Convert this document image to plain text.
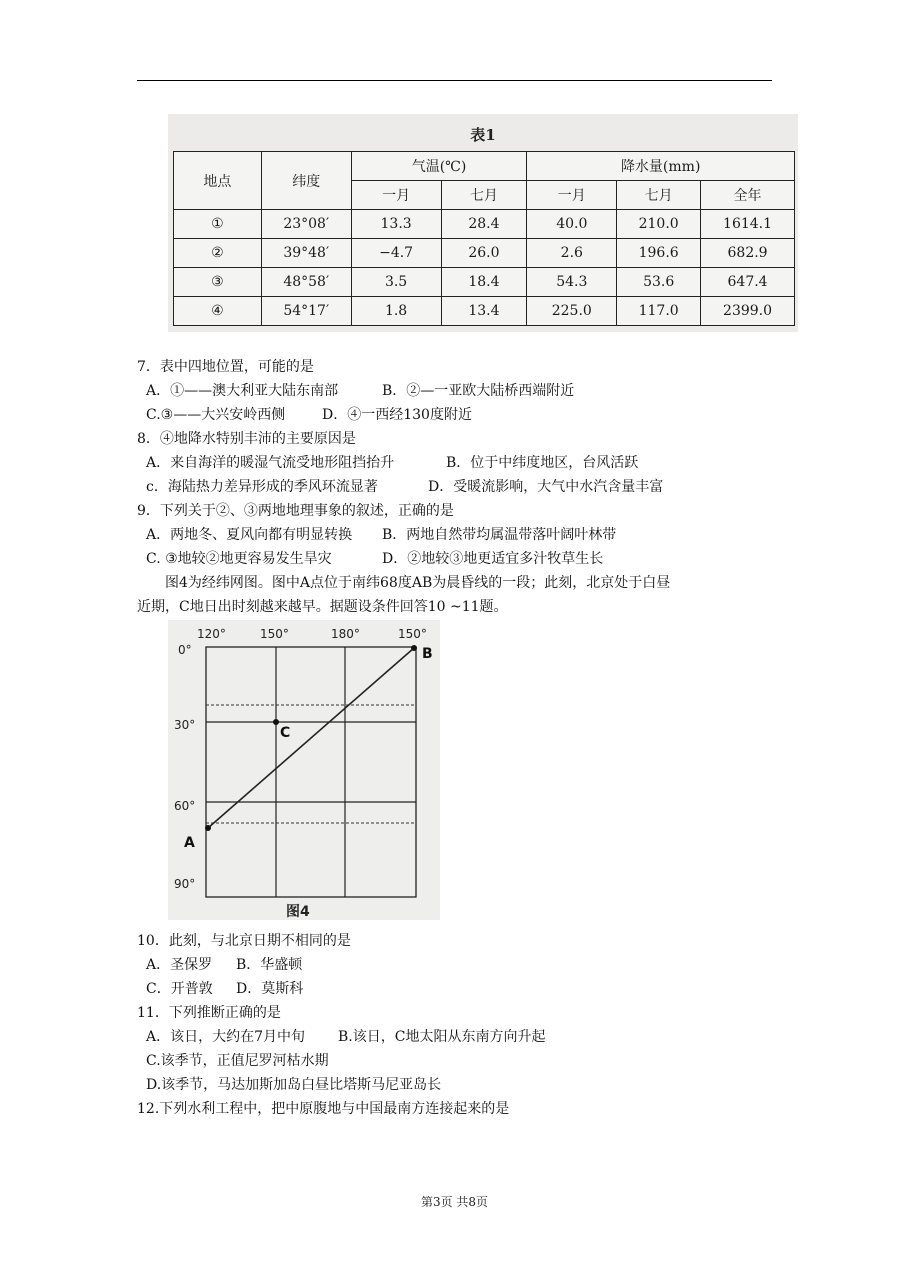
表1
地点	纬度	气温(℃)		降水量(mm)		
		一月	七月	一月	七月	全年
①	23°08′	13.3	28.4	40.0	210.0	1614.1
②	39°48′	−4.7	26.0	2.6	196.6	682.9
③	48°58′	3.5	18.4	54.3	53.6	647.4
④	54°17′	1.8	13.4	225.0	117.0	2399.0
7．表中四地位置，可能的是
A．①——澳大利亚大陆东南部	B．②—一亚欧大陆桥西端附近
C.③——大兴安岭西侧	D．④一西经130度附近
8．④地降水特别丰沛的主要原因是
A．来自海洋的暖湿气流受地形阻挡抬升	B．位于中纬度地区，台风活跃
c．海陆热力差异形成的季风环流显著	D．受暖流影响，大气中水汽含量丰富
9．下列关于②、③两地地理事象的叙述，正确的是
A．两地冬、夏风向都有明显转换 B．两地自然带均属温带落叶阔叶林带
C. ③地较②地更容易发生旱灾	D．②地较③地更适宜多汁牧草生长
图4为经纬网图。图中A点位于南纬68度AB为晨昏线的一段；此刻，北京处于白昼
近期，C地日出时刻越来越早。据题设条件回答10 ~11题。
120°	150°	180°	150°
0°
30°
60°
90°
A
B
C
图4
10．此刻，与北京日期不相同的是
A．圣保罗 B．华盛顿
C．开普敦 D．莫斯科
11．下列推断正确的是
A．该日，大约在7月中旬 B.该日，C地太阳从东南方向升起
C.该季节，正值尼罗河枯水期
D.该季节，马达加斯加岛白昼比塔斯马尼亚岛长
12.下列水利工程中，把中原腹地与中国最南方连接起来的是
第3页 共8页
